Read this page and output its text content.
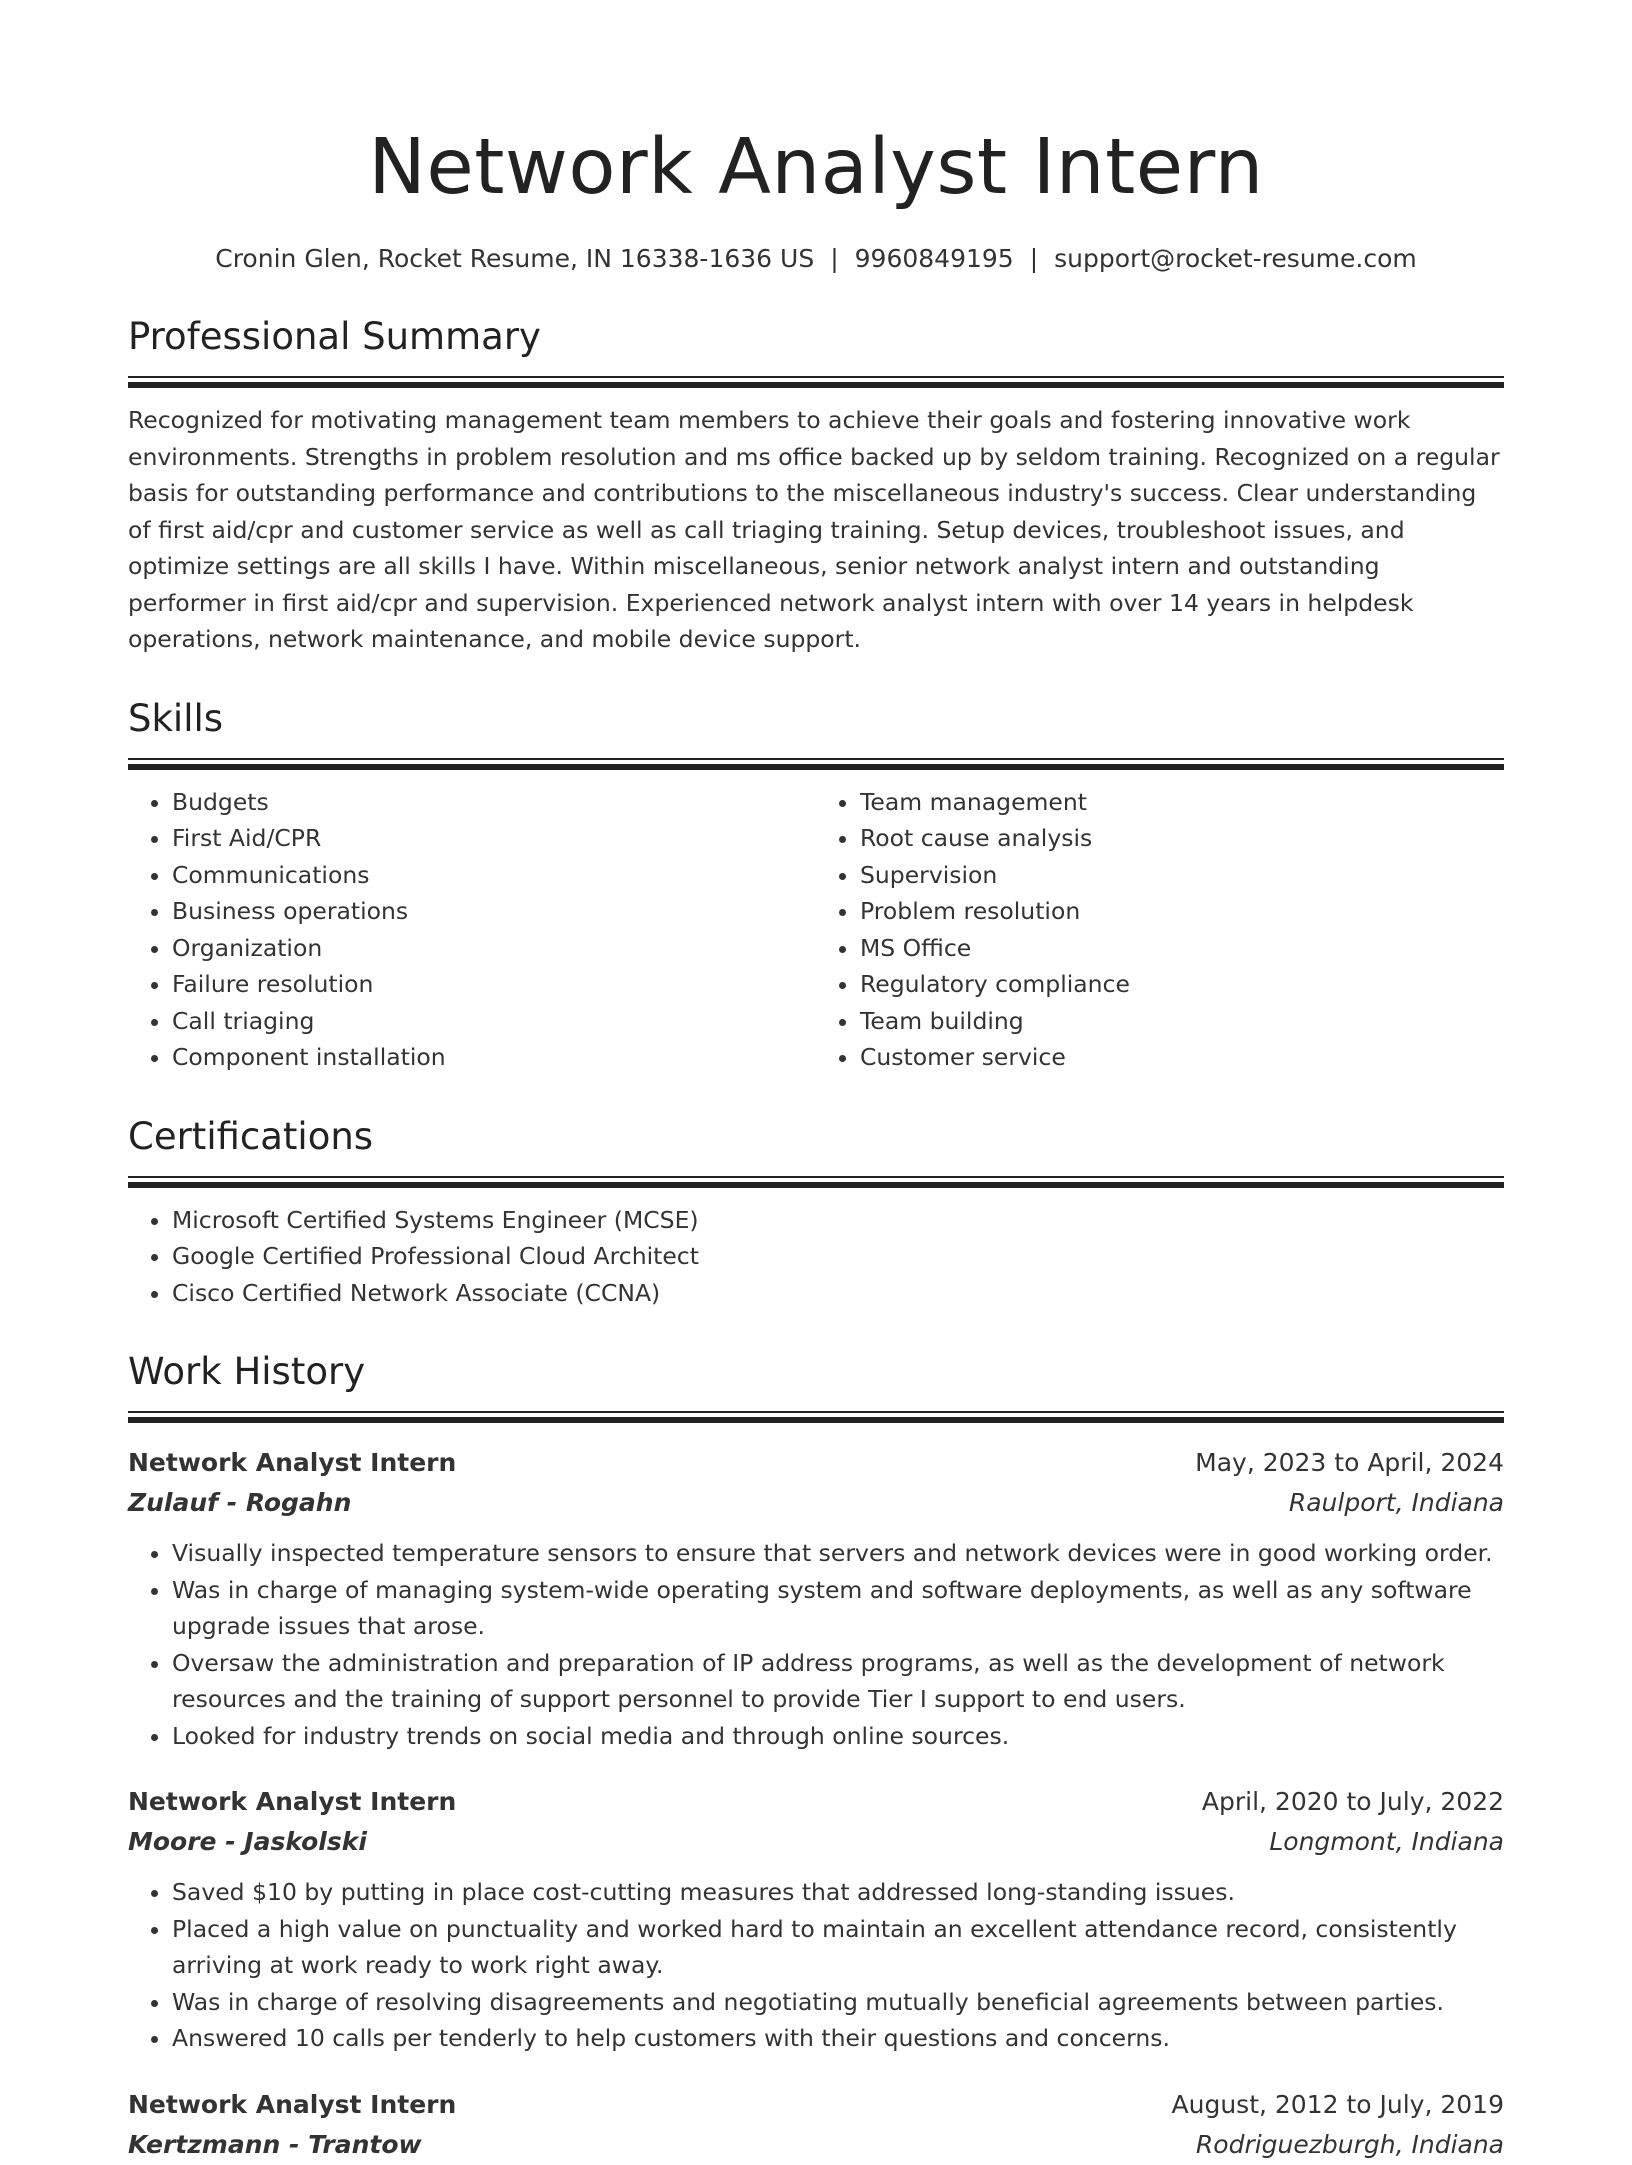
Network Analyst Intern
Cronin Glen, Rocket Resume, IN 16338-1636 US | 9960849195 | support@rocket-resume.com
Professional Summary
Recognized for motivating management team members to achieve their goals and fostering innovative work environments. Strengths in problem resolution and ms office backed up by seldom training. Recognized on a regular basis for outstanding performance and contributions to the miscellaneous industry's success. Clear understanding of first aid/cpr and customer service as well as call triaging training. Setup devices, troubleshoot issues, and optimize settings are all skills I have. Within miscellaneous, senior network analyst intern and outstanding performer in first aid/cpr and supervision. Experienced network analyst intern with over 14 years in helpdesk operations, network maintenance, and mobile device support.
Skills
• Budgets
• First Aid/CPR
• Communications
• Business operations
• Organization
• Failure resolution
• Call triaging
• Component installation
• Team management
• Root cause analysis
• Supervision
• Problem resolution
• MS Office
• Regulatory compliance
• Team building
• Customer service
Certifications
• Microsoft Certified Systems Engineer (MCSE)
• Google Certified Professional Cloud Architect
• Cisco Certified Network Associate (CCNA)
Work History
Network Analyst Intern	May, 2023 to April, 2024
Zulauf - Rogahn	Raulport, Indiana
• Visually inspected temperature sensors to ensure that servers and network devices were in good working order.
• Was in charge of managing system-wide operating system and software deployments, as well as any software upgrade issues that arose.
• Oversaw the administration and preparation of IP address programs, as well as the development of network resources and the training of support personnel to provide Tier I support to end users.
• Looked for industry trends on social media and through online sources.
Network Analyst Intern	April, 2020 to July, 2022
Moore - Jaskolski	Longmont, Indiana
• Saved $10 by putting in place cost-cutting measures that addressed long-standing issues.
• Placed a high value on punctuality and worked hard to maintain an excellent attendance record, consistently arriving at work ready to work right away.
• Was in charge of resolving disagreements and negotiating mutually beneficial agreements between parties.
• Answered 10 calls per tenderly to help customers with their questions and concerns.
Network Analyst Intern	August, 2012 to July, 2019
Kertzmann - Trantow	Rodriguezburgh, Indiana
